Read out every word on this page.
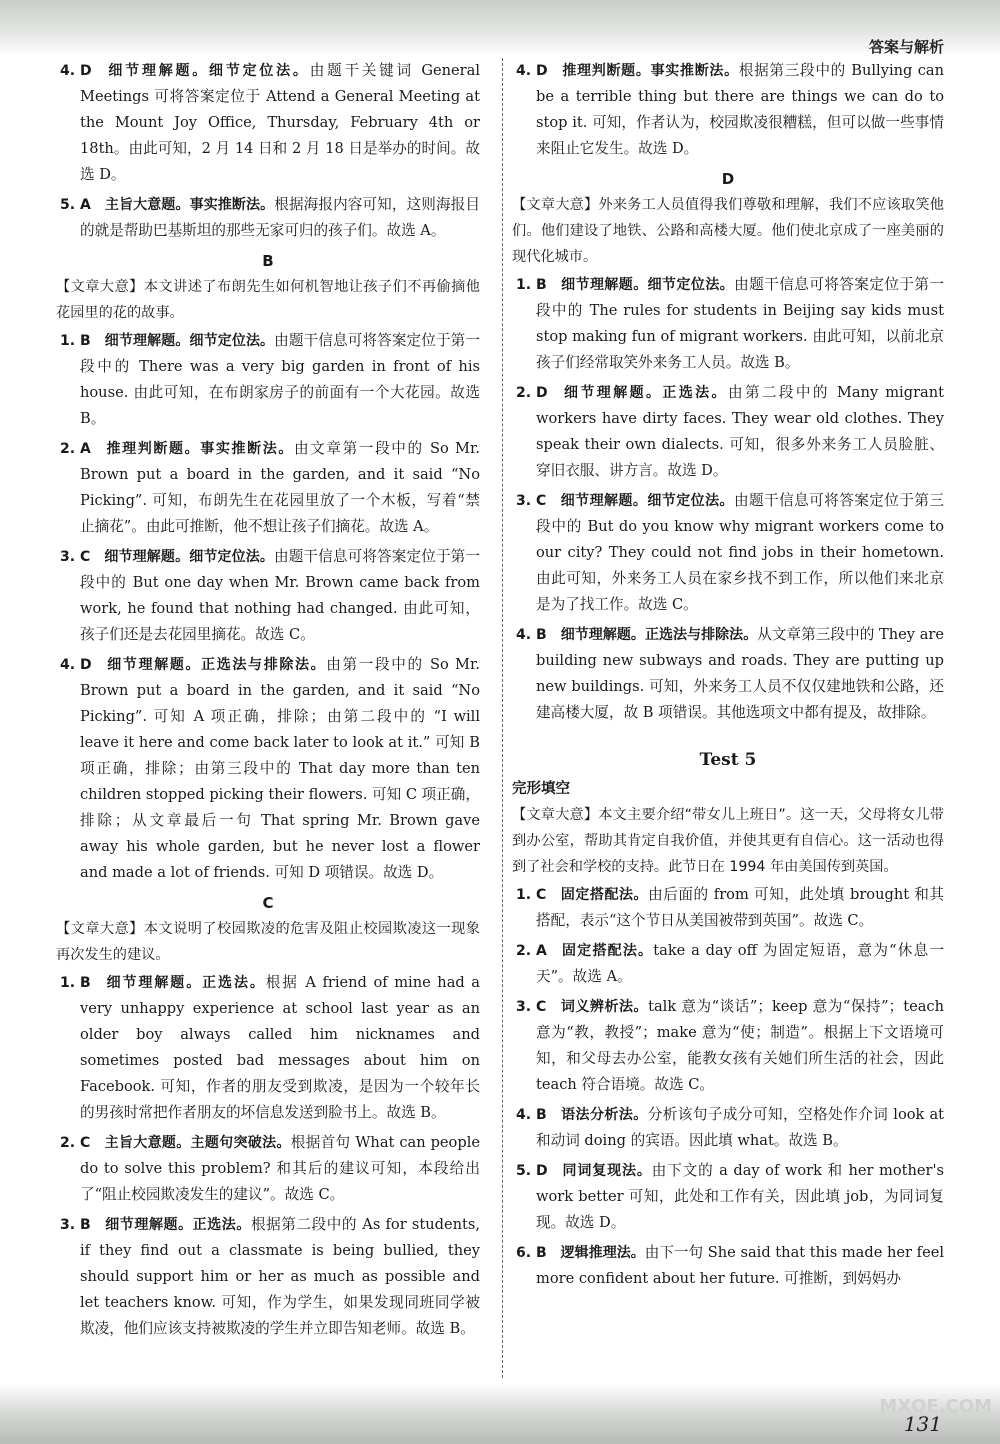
答案与解析
4. D 细节理解题。细节定位法。由题干关键词 General Meetings 可将答案定位于 Attend a General Meeting at the Mount Joy Office, Thursday, February 4th or 18th。由此可知，2 月 14 日和 2 月 18 日是举办的时间。故选 D。
5. A 主旨大意题。事实推断法。根据海报内容可知，这则海报目的就是帮助巴基斯坦的那些无家可归的孩子们。故选 A。
B
【文章大意】本文讲述了布朗先生如何机智地让孩子们不再偷摘他花园里的花的故事。
1. B 细节理解题。细节定位法。由题干信息可将答案定位于第一段中的 There was a very big garden in front of his house. 由此可知，在布朗家房子的前面有一个大花园。故选 B。
2. A 推理判断题。事实推断法。由文章第一段中的 So Mr. Brown put a board in the garden, and it said “No Picking”. 可知，布朗先生在花园里放了一个木板，写着“禁止摘花”。由此可推断，他不想让孩子们摘花。故选 A。
3. C 细节理解题。细节定位法。由题干信息可将答案定位于第一段中的 But one day when Mr. Brown came back from work, he found that nothing had changed. 由此可知，孩子们还是去花园里摘花。故选 C。
4. D 细节理解题。正选法与排除法。由第一段中的 So Mr. Brown put a board in the garden, and it said “No Picking”. 可知 A 项正确，排除；由第二段中的 “I will leave it here and come back later to look at it.” 可知 B 项正确，排除；由第三段中的 That day more than ten children stopped picking their flowers. 可知 C 项正确，排除；从文章最后一句 That spring Mr. Brown gave away his whole garden, but he never lost a flower and made a lot of friends. 可知 D 项错误。故选 D。
C
【文章大意】本文说明了校园欺凌的危害及阻止校园欺凌这一现象再次发生的建议。
1. B 细节理解题。正选法。根据 A friend of mine had a very unhappy experience at school last year as an older boy always called him nicknames and sometimes posted bad messages about him on Facebook. 可知，作者的朋友受到欺凌，是因为一个较年长的男孩时常把作者朋友的坏信息发送到脸书上。故选 B。
2. C 主旨大意题。主题句突破法。根据首句 What can people do to solve this problem? 和其后的建议可知，本段给出了“阻止校园欺凌发生的建议”。故选 C。
3. B 细节理解题。正选法。根据第二段中的 As for students, if they find out a classmate is being bullied, they should support him or her as much as possible and let teachers know. 可知，作为学生，如果发现同班同学被欺凌，他们应该支持被欺凌的学生并立即告知老师。故选 B。
4. D 推理判断题。事实推断法。根据第三段中的 Bullying can be a terrible thing but there are things we can do to stop it. 可知，作者认为，校园欺凌很糟糕，但可以做一些事情来阻止它发生。故选 D。
D
【文章大意】外来务工人员值得我们尊敬和理解，我们不应该取笑他们。他们建设了地铁、公路和高楼大厦。他们使北京成了一座美丽的现代化城市。
1. B 细节理解题。细节定位法。由题干信息可将答案定位于第一段中的 The rules for students in Beijing say kids must stop making fun of migrant workers. 由此可知，以前北京孩子们经常取笑外来务工人员。故选 B。
2. D 细节理解题。正选法。由第二段中的 Many migrant workers have dirty faces. They wear old clothes. They speak their own dialects. 可知，很多外来务工人员脸脏、穿旧衣服、讲方言。故选 D。
3. C 细节理解题。细节定位法。由题干信息可将答案定位于第三段中的 But do you know why migrant workers come to our city? They could not find jobs in their hometown. 由此可知，外来务工人员在家乡找不到工作，所以他们来北京是为了找工作。故选 C。
4. B 细节理解题。正选法与排除法。从文章第三段中的 They are building new subways and roads. They are putting up new buildings. 可知，外来务工人员不仅仅建地铁和公路，还建高楼大厦，故 B 项错误。其他选项文中都有提及，故排除。
Test 5
完形填空
【文章大意】本文主要介绍“带女儿上班日”。这一天，父母将女儿带到办公室，帮助其肯定自我价值，并使其更有自信心。这一活动也得到了社会和学校的支持。此节日在 1994 年由美国传到英国。
1. C 固定搭配法。由后面的 from 可知，此处填 brought 和其搭配，表示“这个节日从美国被带到英国”。故选 C。
2. A 固定搭配法。take a day off 为固定短语，意为“休息一天”。故选 A。
3. C 词义辨析法。talk 意为“谈话”；keep 意为“保持”；teach 意为“教，教授”；make 意为“使；制造”。根据上下文语境可知，和父母去办公室，能教女孩有关她们所生活的社会，因此 teach 符合语境。故选 C。
4. B 语法分析法。分析该句子成分可知，空格处作介词 look at 和动词 doing 的宾语。因此填 what。故选 B。
5. D 同词复现法。由下文的 a day of work 和 her mother's work better 可知，此处和工作有关，因此填 job，为同词复现。故选 D。
6. B 逻辑推理法。由下一句 She said that this made her feel more confident about her future. 可推断，到妈妈办
MXQE.COM
131
